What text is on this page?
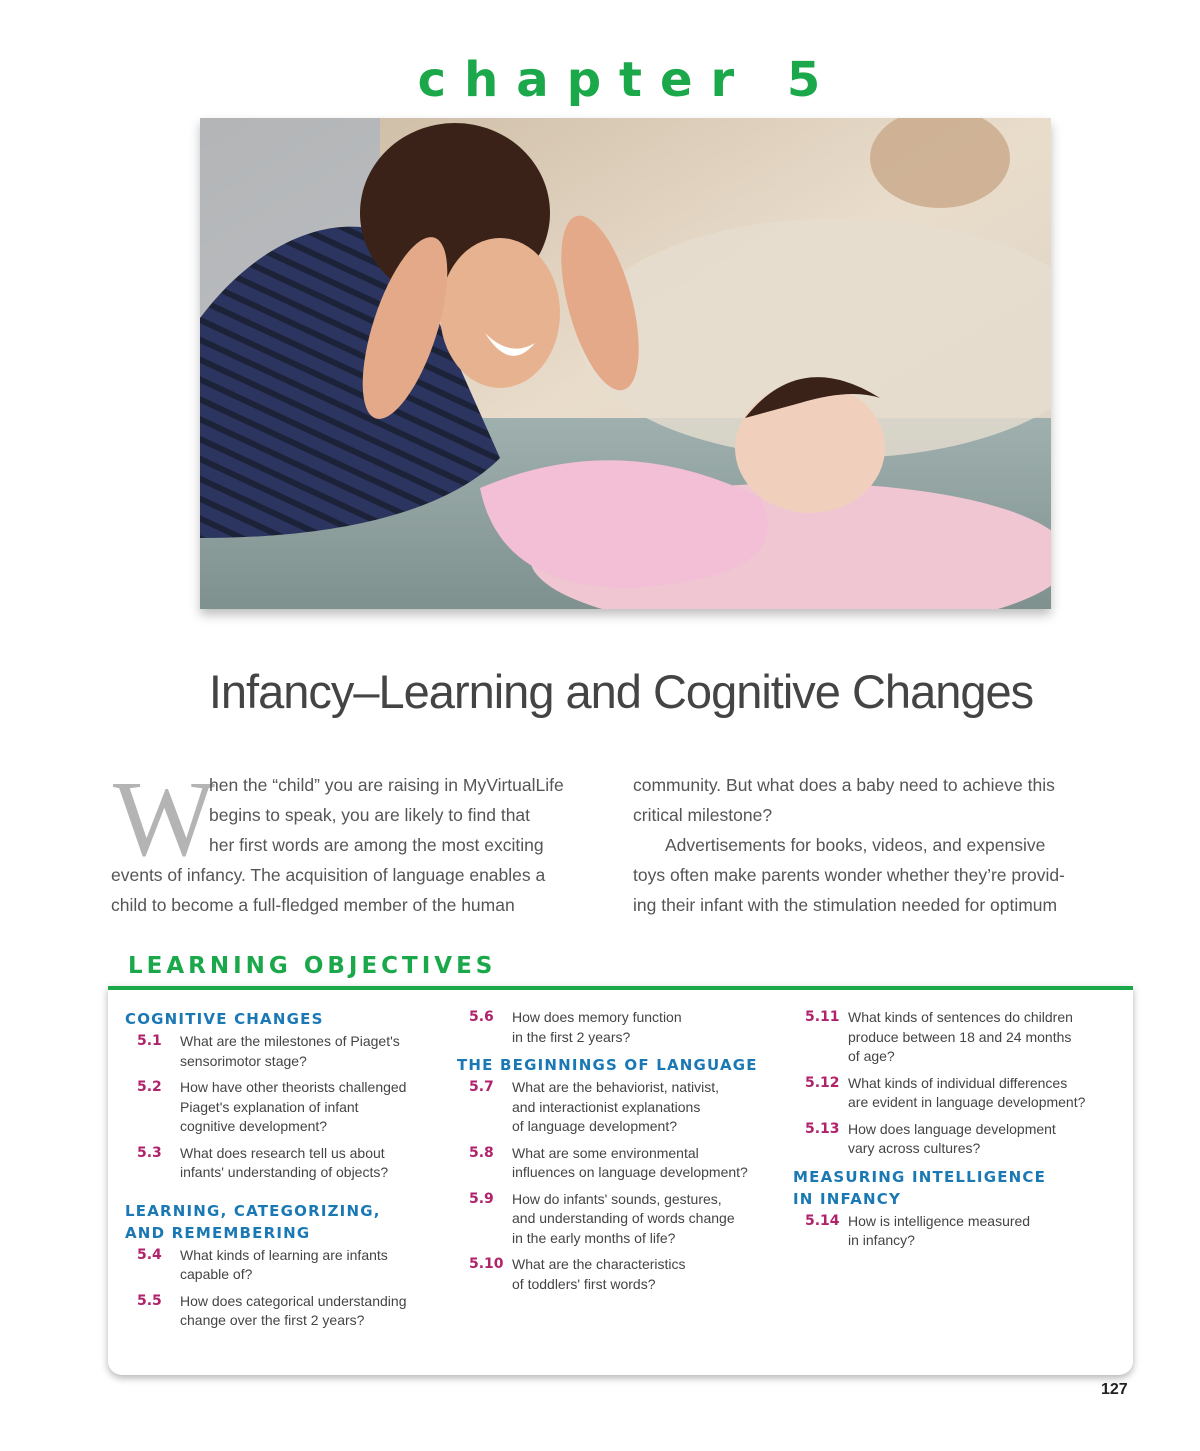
chapter 5
Infancy–Learning and Cognitive Changes
W
hen the “child” you are raising in MyVirtualLife
begins to speak, you are likely to find that
her first words are among the most exciting
events of infancy. The acquisition of language enables a
child to become a full-fledged member of the human
community. But what does a baby need to achieve this
critical milestone?
Advertisements for books, videos, and expensive
toys often make parents wonder whether they’re provid-
ing their infant with the stimulation needed for optimum
LEARNING OBJECTIVES
COGNITIVE CHANGES
5.1 What are the milestones of Piaget's
sensorimotor stage?
5.2 How have other theorists challenged
Piaget's explanation of infant
cognitive development?
5.3 What does research tell us about
infants' understanding of objects?
LEARNING, CATEGORIZING,
AND REMEMBERING
5.4 What kinds of learning are infants
capable of?
5.5 How does categorical understanding
change over the first 2 years?
5.6 How does memory function
in the first 2 years?
THE BEGINNINGS OF LANGUAGE
5.7 What are the behaviorist, nativist,
and interactionist explanations
of language development?
5.8 What are some environmental
influences on language development?
5.9 How do infants' sounds, gestures,
and understanding of words change
in the early months of life?
5.10 What are the characteristics
of toddlers' first words?
5.11 What kinds of sentences do children
produce between 18 and 24 months
of age?
5.12 What kinds of individual differences
are evident in language development?
5.13 How does language development
vary across cultures?
MEASURING INTELLIGENCE
IN INFANCY
5.14 How is intelligence measured
in infancy?
127
